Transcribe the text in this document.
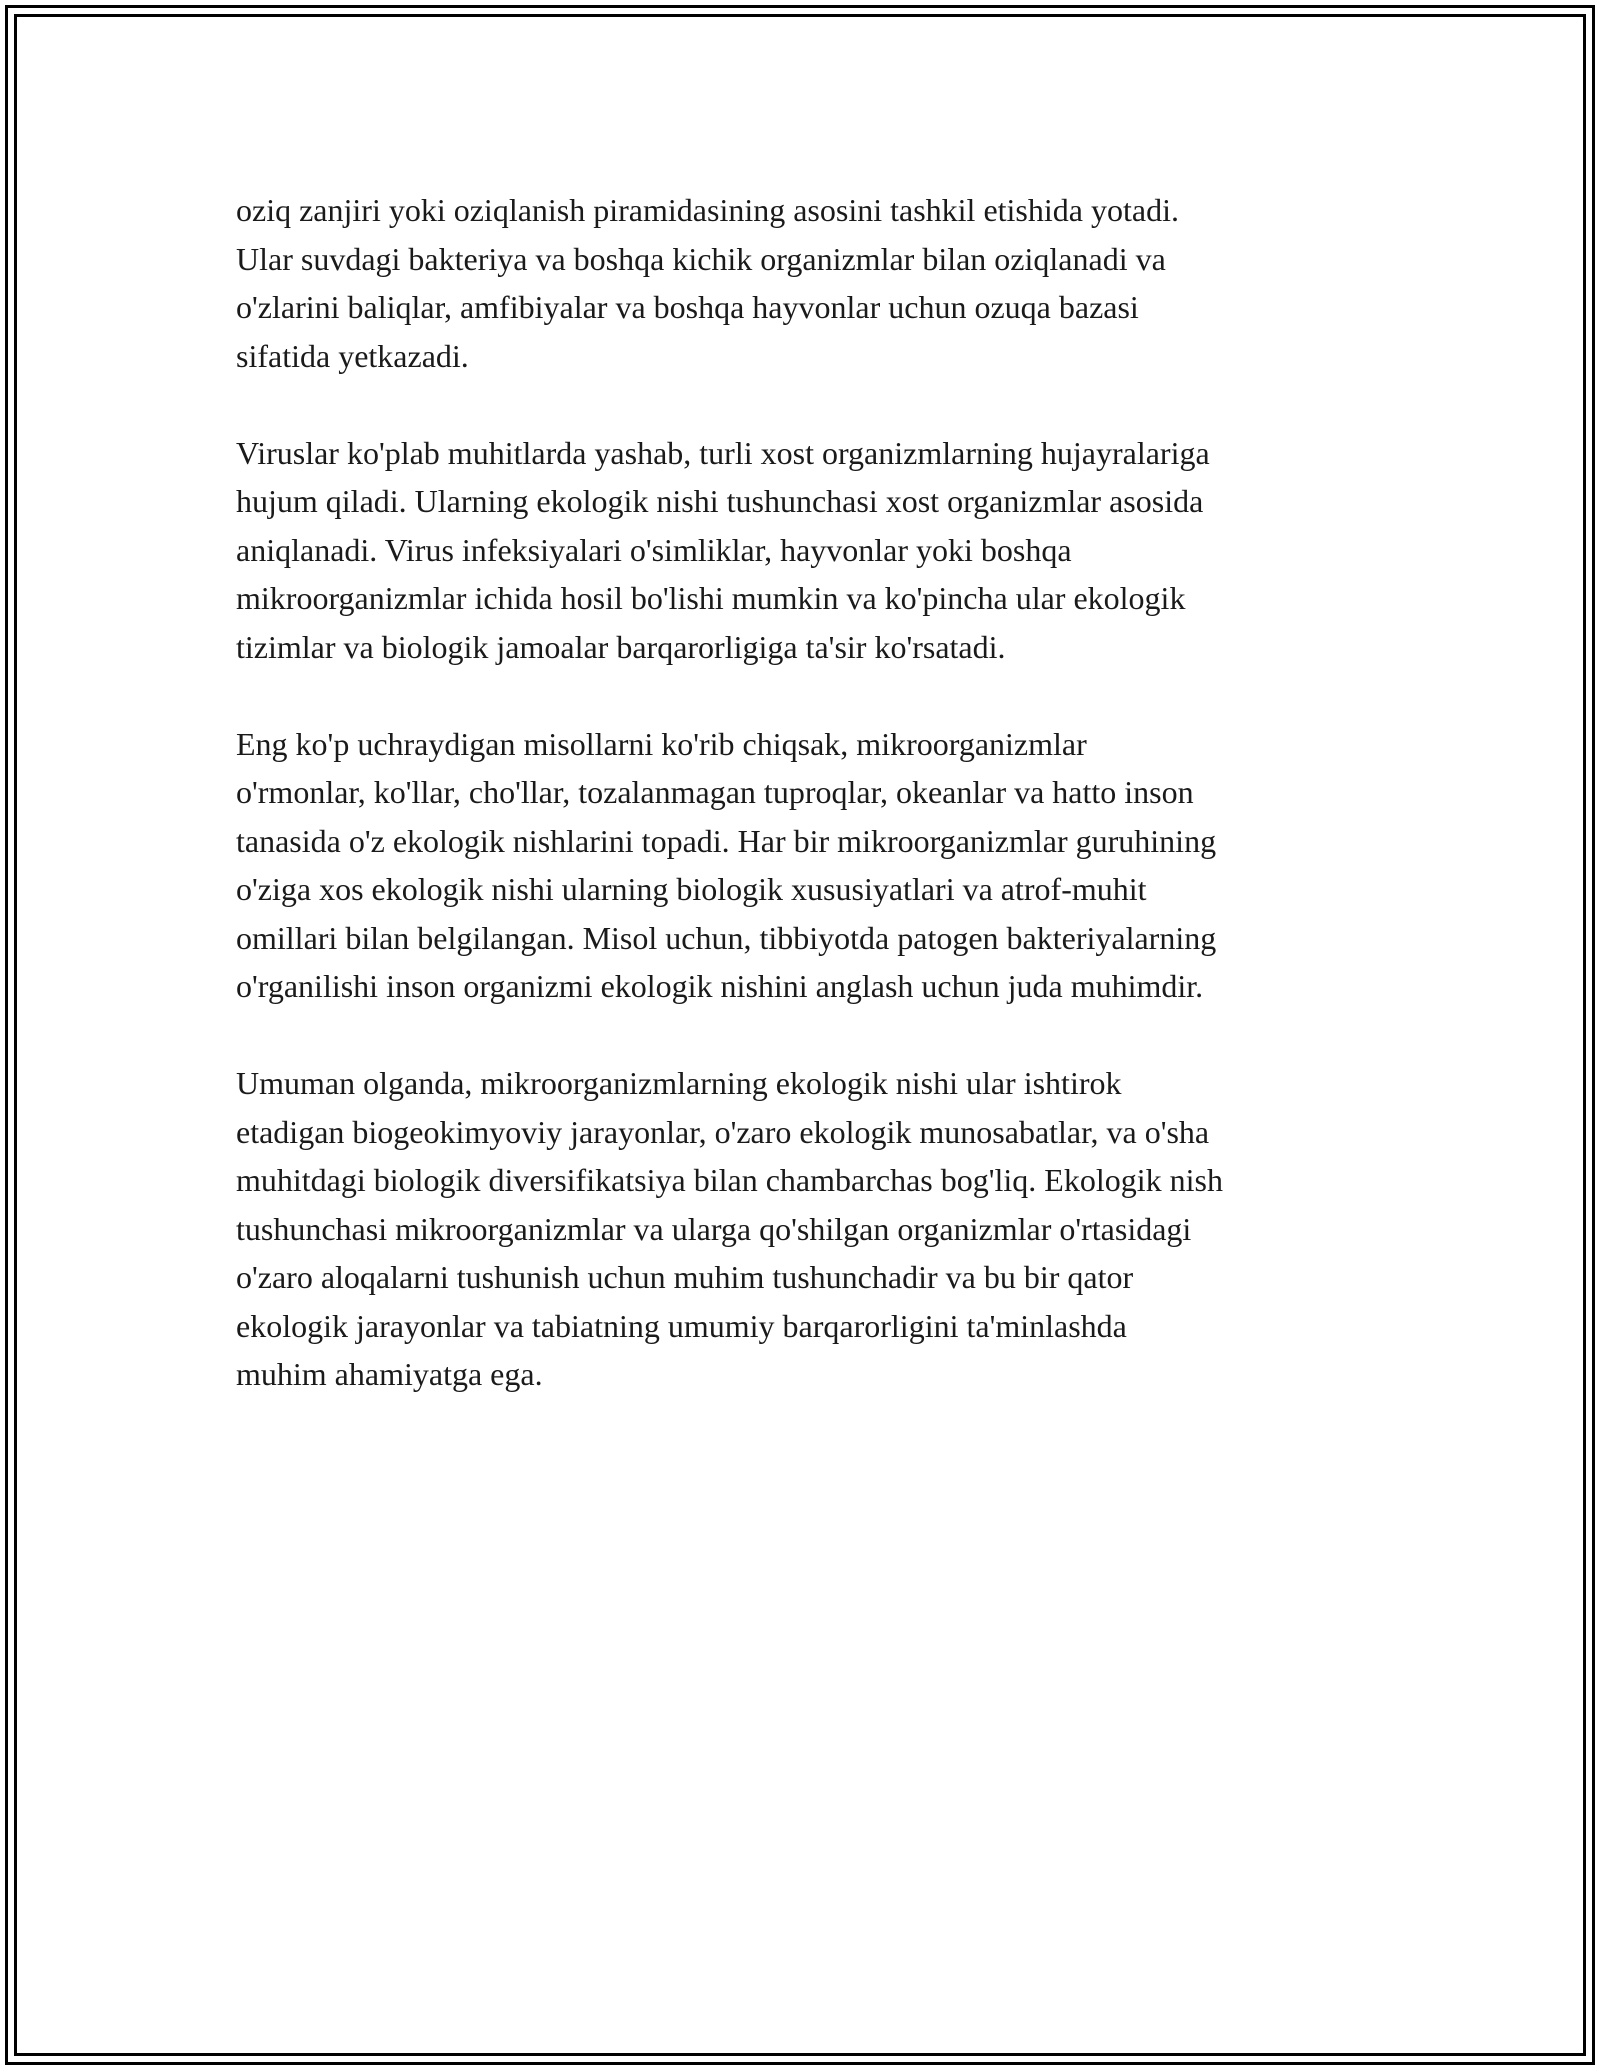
oziq zanjiri yoki oziqlanish piramidasining asosini tashkil etishida yotadi.
Ular suvdagi bakteriya va boshqa kichik organizmlar bilan oziqlanadi va
o'zlarini baliqlar, amfibiyalar va boshqa hayvonlar uchun ozuqa bazasi
sifatida yetkazadi.

Viruslar ko'plab muhitlarda yashab, turli xost organizmlarning hujayralariga
hujum qiladi. Ularning ekologik nishi tushunchasi xost organizmlar asosida
aniqlanadi. Virus infeksiyalari o'simliklar, hayvonlar yoki boshqa
mikroorganizmlar ichida hosil bo'lishi mumkin va ko'pincha ular ekologik
tizimlar va biologik jamoalar barqarorligiga ta'sir ko'rsatadi.

Eng ko'p uchraydigan misollarni ko'rib chiqsak, mikroorganizmlar
o'rmonlar, ko'llar, cho'llar, tozalanmagan tuproqlar, okeanlar va hatto inson
tanasida o'z ekologik nishlarini topadi. Har bir mikroorganizmlar guruhining
o'ziga xos ekologik nishi ularning biologik xususiyatlari va atrof-muhit
omillari bilan belgilangan. Misol uchun, tibbiyotda patogen bakteriyalarning
o'rganilishi inson organizmi ekologik nishini anglash uchun juda muhimdir.

Umuman olganda, mikroorganizmlarning ekologik nishi ular ishtirok
etadigan biogeokimyoviy jarayonlar, o'zaro ekologik munosabatlar, va o'sha
muhitdagi biologik diversifikatsiya bilan chambarchas bog'liq. Ekologik nish
tushunchasi mikroorganizmlar va ularga qo'shilgan organizmlar o'rtasidagi
o'zaro aloqalarni tushunish uchun muhim tushunchadir va bu bir qator
ekologik jarayonlar va tabiatning umumiy barqarorligini ta'minlashda
muhim ahamiyatga ega.
